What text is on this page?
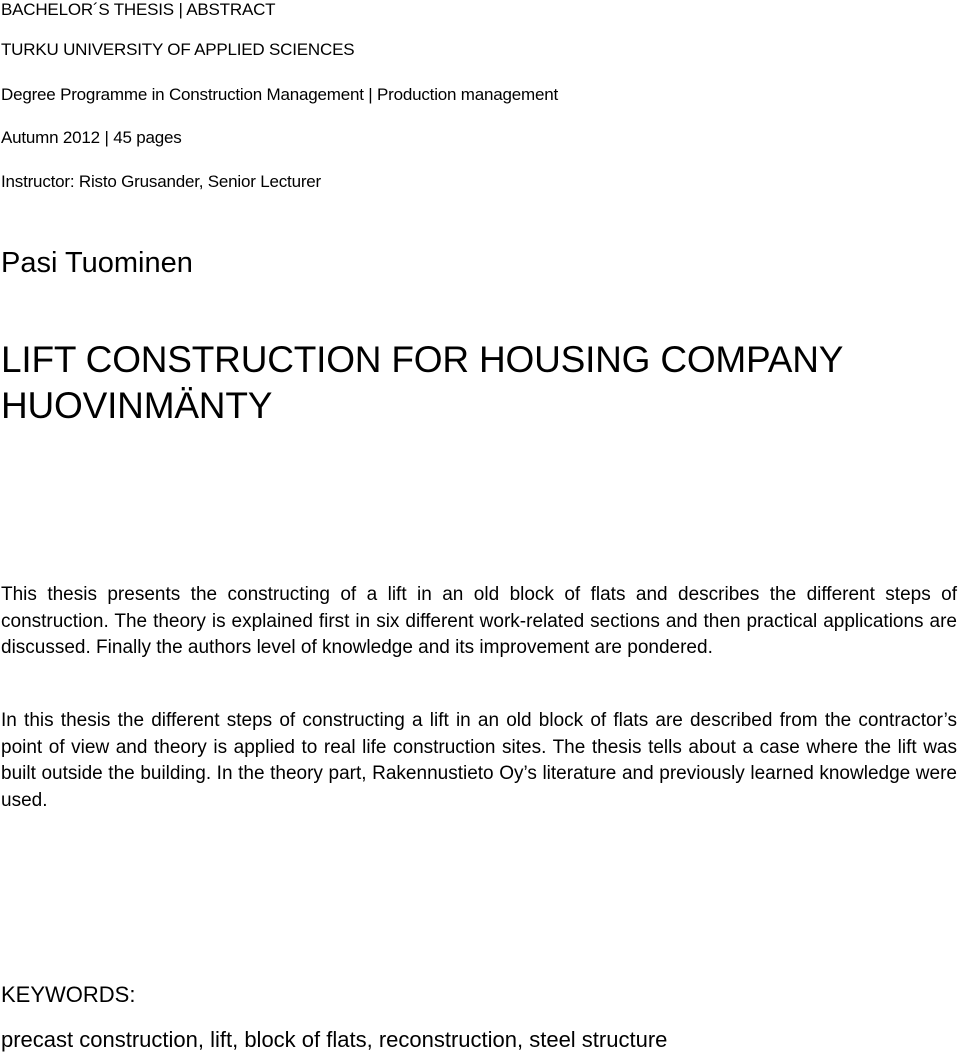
BACHELOR´S THESIS | ABSTRACT
TURKU UNIVERSITY OF APPLIED SCIENCES
Degree Programme in Construction Management | Production management
Autumn 2012 | 45 pages
Instructor: Risto Grusander, Senior Lecturer
Pasi Tuominen
LIFT CONSTRUCTION FOR HOUSING COMPANY HUOVINMÄNTY

This thesis presents the constructing of a lift in an old block of flats and describes the different steps of construction. The theory is explained first in six different work-related sections and then practical applications are discussed. Finally the authors level of knowledge and its improvement are pondered.

In this thesis the different steps of constructing a lift in an old block of flats are described from the contractor’s point of view and theory is applied to real life construction sites. The thesis tells about a case where the lift was built outside the building. In the theory part, Rakennustieto Oy’s literature and previously learned knowledge were used.

KEYWORDS:
precast construction, lift, block of flats, reconstruction, steel structure
